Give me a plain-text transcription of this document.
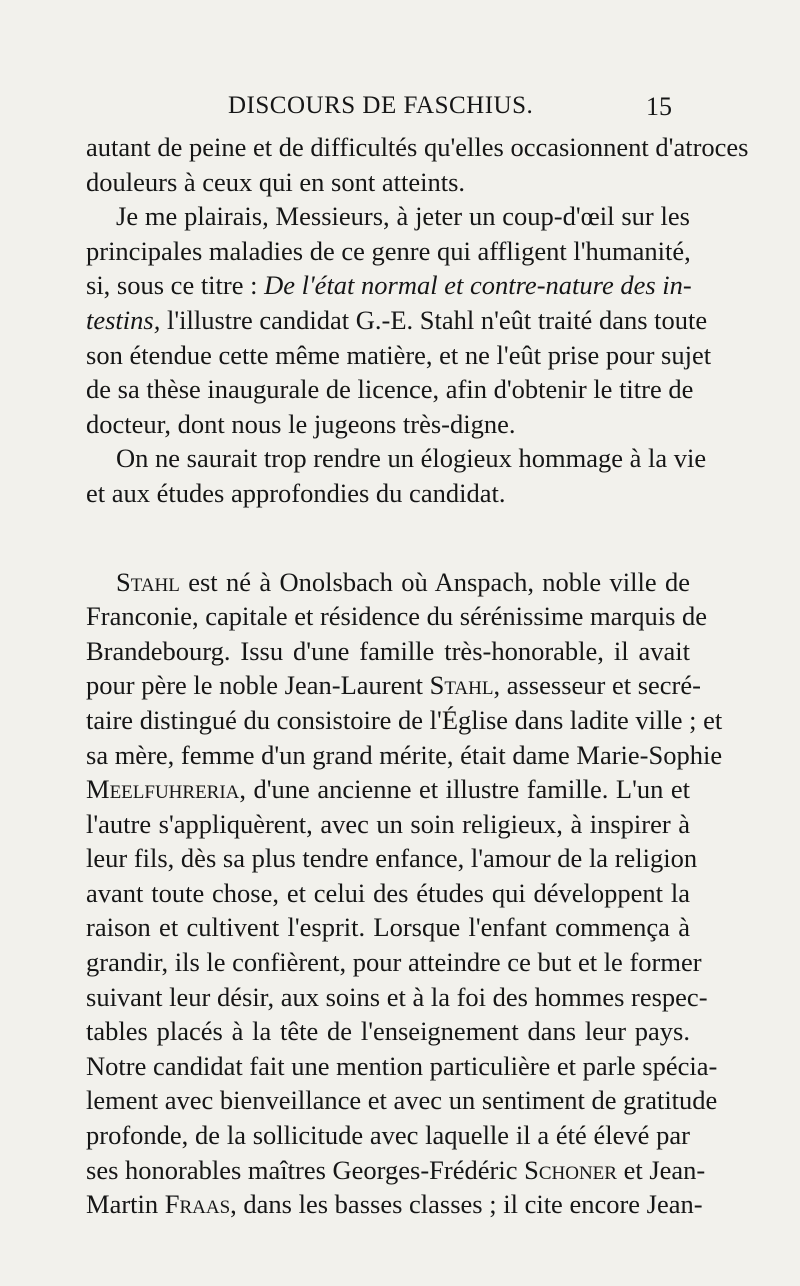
DISCOURS DE FASCHIUS.	15
autant de peine et de difficultés qu'elles occasionnent d'atroces
douleurs à ceux qui en sont atteints.
Je me plairais, Messieurs, à jeter un coup-d'œil sur les
principales maladies de ce genre qui affligent l'humanité,
si, sous ce titre : De l'état normal et contre-nature des in-
testins, l'illustre candidat G.-E. Stahl n'eût traité dans toute
son étendue cette même matière, et ne l'eût prise pour sujet
de sa thèse inaugurale de licence, afin d'obtenir le titre de
docteur, dont nous le jugeons très-digne.
On ne saurait trop rendre un élogieux hommage à la vie
et aux études approfondies du candidat.
Stahl est né à Onolsbach où Anspach, noble ville de
Franconie, capitale et résidence du sérénissime marquis de
Brandebourg. Issu d'une famille très-honorable, il avait
pour père le noble Jean-Laurent Stahl, assesseur et secré-
taire distingué du consistoire de l'Église dans ladite ville ; et
sa mère, femme d'un grand mérite, était dame Marie-Sophie
Meelfuhreria, d'une ancienne et illustre famille. L'un et
l'autre s'appliquèrent, avec un soin religieux, à inspirer à
leur fils, dès sa plus tendre enfance, l'amour de la religion
avant toute chose, et celui des études qui développent la
raison et cultivent l'esprit. Lorsque l'enfant commença à
grandir, ils le confièrent, pour atteindre ce but et le former
suivant leur désir, aux soins et à la foi des hommes respec-
tables placés à la tête de l'enseignement dans leur pays.
Notre candidat fait une mention particulière et parle spécia-
lement avec bienveillance et avec un sentiment de gratitude
profonde, de la sollicitude avec laquelle il a été élevé par
ses honorables maîtres Georges-Frédéric Schoner et Jean-
Martin Fraas, dans les basses classes ; il cite encore Jean-
